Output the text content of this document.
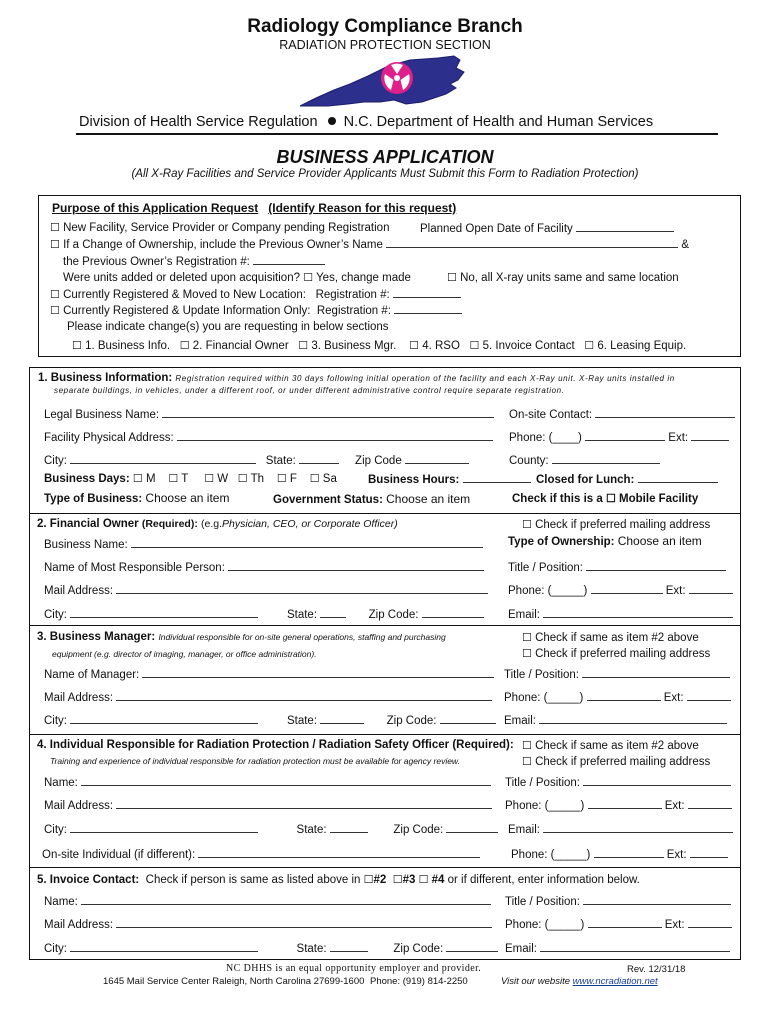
Radiology Compliance Branch
RADIATION PROTECTION SECTION
Division of Health Service Regulation N.C. Department of Health and Human Services
BUSINESS APPLICATION
(All X-Ray Facilities and Service Provider Applicants Must Submit this Form to Radiation Protection)
Purpose of this Application Request (Identify Reason for this request)
☐ New Facility, Service Provider or Company pending Registration	Planned Open Date of Facility
☐ If a Change of Ownership, include the Previous Owner’s Name	&
the Previous Owner’s Registration #:
Were units added or deleted upon acquisition? ☐ Yes, change made	☐ No, all X-ray units same and same location
☐ Currently Registered & Moved to New Location: Registration #:
☐ Currently Registered & Update Information Only: Registration #:
Please indicate change(s) you are requesting in below sections
☐ 1. Business Info. ☐ 2. Financial Owner ☐ 3. Business Mgr. ☐ 4. RSO ☐ 5. Invoice Contact ☐ 6. Leasing Equip.
1. Business Information: Registration required within 30 days following initial operation of the facility and each X-Ray unit. X-Ray units installed in
separate buildings, in vehicles, under a different roof, or under different administrative control require separate registration.
Legal Business Name:	On-site Contact:
Facility Physical Address:	Phone: (____)	Ext:
City:	State:	Zip Code	County:
Business Days: ☐ M ☐ T ☐ W ☐ Th ☐ F ☐ Sa	Business Hours:	Closed for Lunch:
Type of Business: Choose an item	Government Status: Choose an item	Check if this is a ☐ Mobile Facility
2. Financial Owner (Required): (e.g.Physician, CEO, or Corporate Officer)	☐ Check if preferred mailing address
Business Name:	Type of Ownership: Choose an item
Name of Most Responsible Person:	Title / Position:
Mail Address:	Phone: (_____)	Ext:
City:	State:	Zip Code:	Email:
3. Business Manager: Individual responsible for on-site general operations, staffing and purchasing
equipment (e.g. director of imaging, manager, or office administration).
☐ Check if same as item #2 above
☐ Check if preferred mailing address
Name of Manager:	Title / Position:
Mail Address:	Phone: (_____)	Ext:
City:	State:	Zip Code:	Email:
4. Individual Responsible for Radiation Protection / Radiation Safety Officer (Required):
Training and experience of individual responsible for radiation protection must be available for agency review.
☐ Check if same as item #2 above
☐ Check if preferred mailing address
Name:	Title / Position:
Mail Address:	Phone: (_____)	Ext:
City:	State:	Zip Code:	Email:
On-site Individual (if different):	Phone: (_____)	Ext:
5. Invoice Contact: Check if person is same as listed above in ☐#2 ☐#3 ☐ #4 or if different, enter information below.
Name:	Title / Position:
Mail Address:	Phone: (_____)	Ext:
City:	State:	Zip Code:	Email:
NC DHHS is an equal opportunity employer and provider.	Rev. 12/31/18
1645 Mail Service Center Raleigh, North Carolina 27699-1600 Phone: (919) 814-2250	Visit our website www.ncradiation.net
